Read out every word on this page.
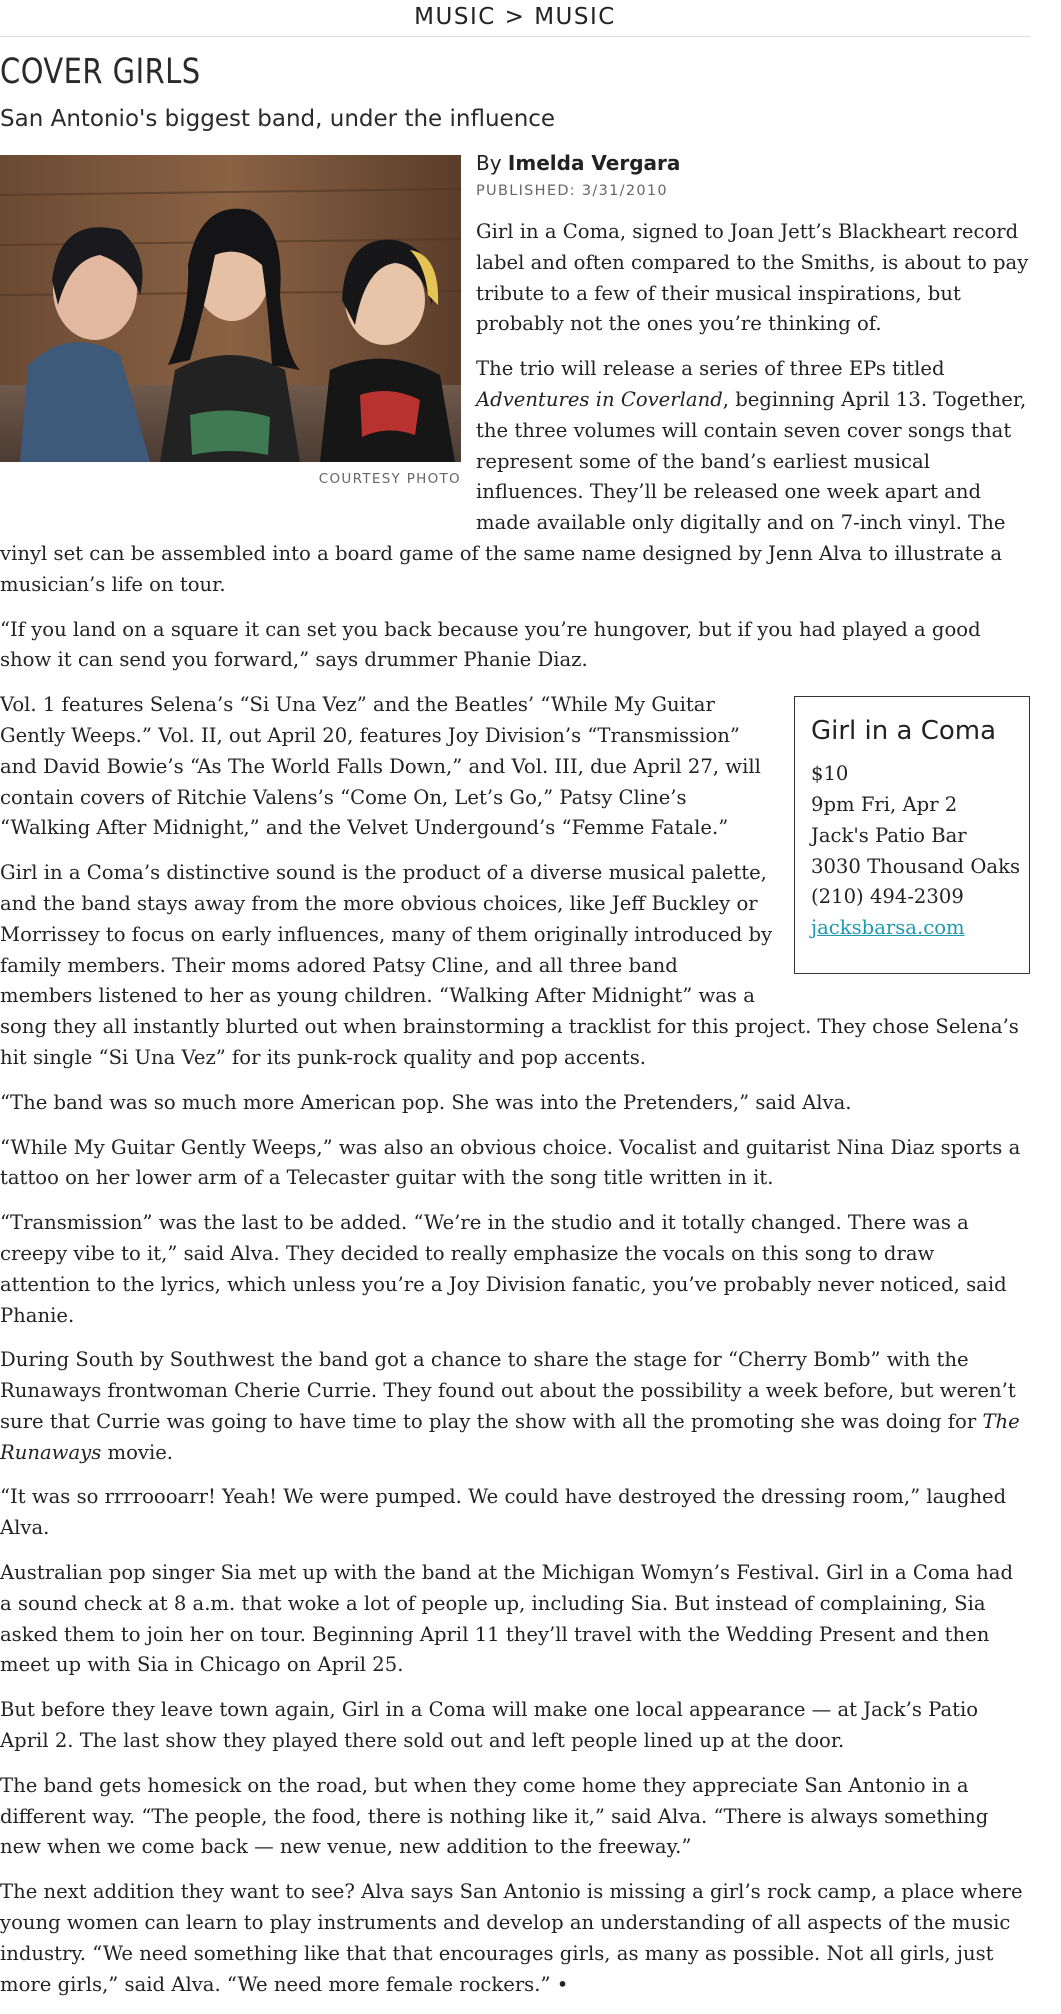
MUSIC > MUSIC
COVER GIRLS
San Antonio's biggest band, under the influence
COURTESY PHOTO
By Imelda Vergara
PUBLISHED: 3/31/2010

Girl in a Coma, signed to Joan Jett’s Blackheart record label and often compared to the Smiths, is about to pay tribute to a few of their musical inspirations, but probably not the ones you’re thinking of.

The trio will release a series of three EPs titled Adventures in Coverland, beginning April 13. Together, the three volumes will contain seven cover songs that represent some of the band’s earliest musical influences. They’ll be released one week apart and made available only digitally and on 7-inch vinyl. The vinyl set can be assembled into a board game of the same name designed by Jenn Alva to illustrate a musician’s life on tour.

“If you land on a square it can set you back because you’re hungover, but if you had played a good show it can send you forward,” says drummer Phanie Diaz.

Girl in a Coma
$10
9pm Fri, Apr 2
Jack's Patio Bar
3030 Thousand Oaks
(210) 494-2309
jacksbarsa.com

Vol. 1 features Selena’s “Si Una Vez” and the Beatles’ “While My Guitar Gently Weeps.” Vol. II, out April 20, features Joy Division’s “Transmission” and David Bowie’s “As The World Falls Down,” and Vol. III, due April 27, will contain covers of Ritchie Valens’s “Come On, Let’s Go,” Patsy Cline’s “Walking After Midnight,” and the Velvet Undergound’s “Femme Fatale.”

Girl in a Coma’s distinctive sound is the product of a diverse musical palette, and the band stays away from the more obvious choices, like Jeff Buckley or Morrissey to focus on early influences, many of them originally introduced by family members. Their moms adored Patsy Cline, and all three band members listened to her as young children. “Walking After Midnight” was a song they all instantly blurted out when brainstorming a tracklist for this project. They chose Selena’s hit single “Si Una Vez” for its punk-rock quality and pop accents.

“The band was so much more American pop. She was into the Pretenders,” said Alva.

“While My Guitar Gently Weeps,” was also an obvious choice. Vocalist and guitarist Nina Diaz sports a tattoo on her lower arm of a Telecaster guitar with the song title written in it.

“Transmission” was the last to be added. “We’re in the studio and it totally changed. There was a creepy vibe to it,” said Alva. They decided to really emphasize the vocals on this song to draw attention to the lyrics, which unless you’re a Joy Division fanatic, you’ve probably never noticed, said Phanie.

During South by Southwest the band got a chance to share the stage for “Cherry Bomb” with the Runaways frontwoman Cherie Currie. They found out about the possibility a week before, but weren’t sure that Currie was going to have time to play the show with all the promoting she was doing for The Runaways movie.

“It was so rrrroooarr! Yeah! We were pumped. We could have destroyed the dressing room,” laughed Alva.

Australian pop singer Sia met up with the band at the Michigan Womyn’s Festival. Girl in a Coma had a sound check at 8 a.m. that woke a lot of people up, including Sia. But instead of complaining, Sia asked them to join her on tour. Beginning April 11 they’ll travel with the Wedding Present and then meet up with Sia in Chicago on April 25.

But before they leave town again, Girl in a Coma will make one local appearance — at Jack’s Patio April 2. The last show they played there sold out and left people lined up at the door.

The band gets homesick on the road, but when they come home they appreciate San Antonio in a different way. “The people, the food, there is nothing like it,” said Alva. “There is always something new when we come back — new venue, new addition to the freeway.”

The next addition they want to see? Alva says San Antonio is missing a girl’s rock camp, a place where young women can learn to play instruments and develop an understanding of all aspects of the music industry. “We need something like that that encourages girls, as many as possible. Not all girls, just more girls,” said Alva. “We need more female rockers.” •
